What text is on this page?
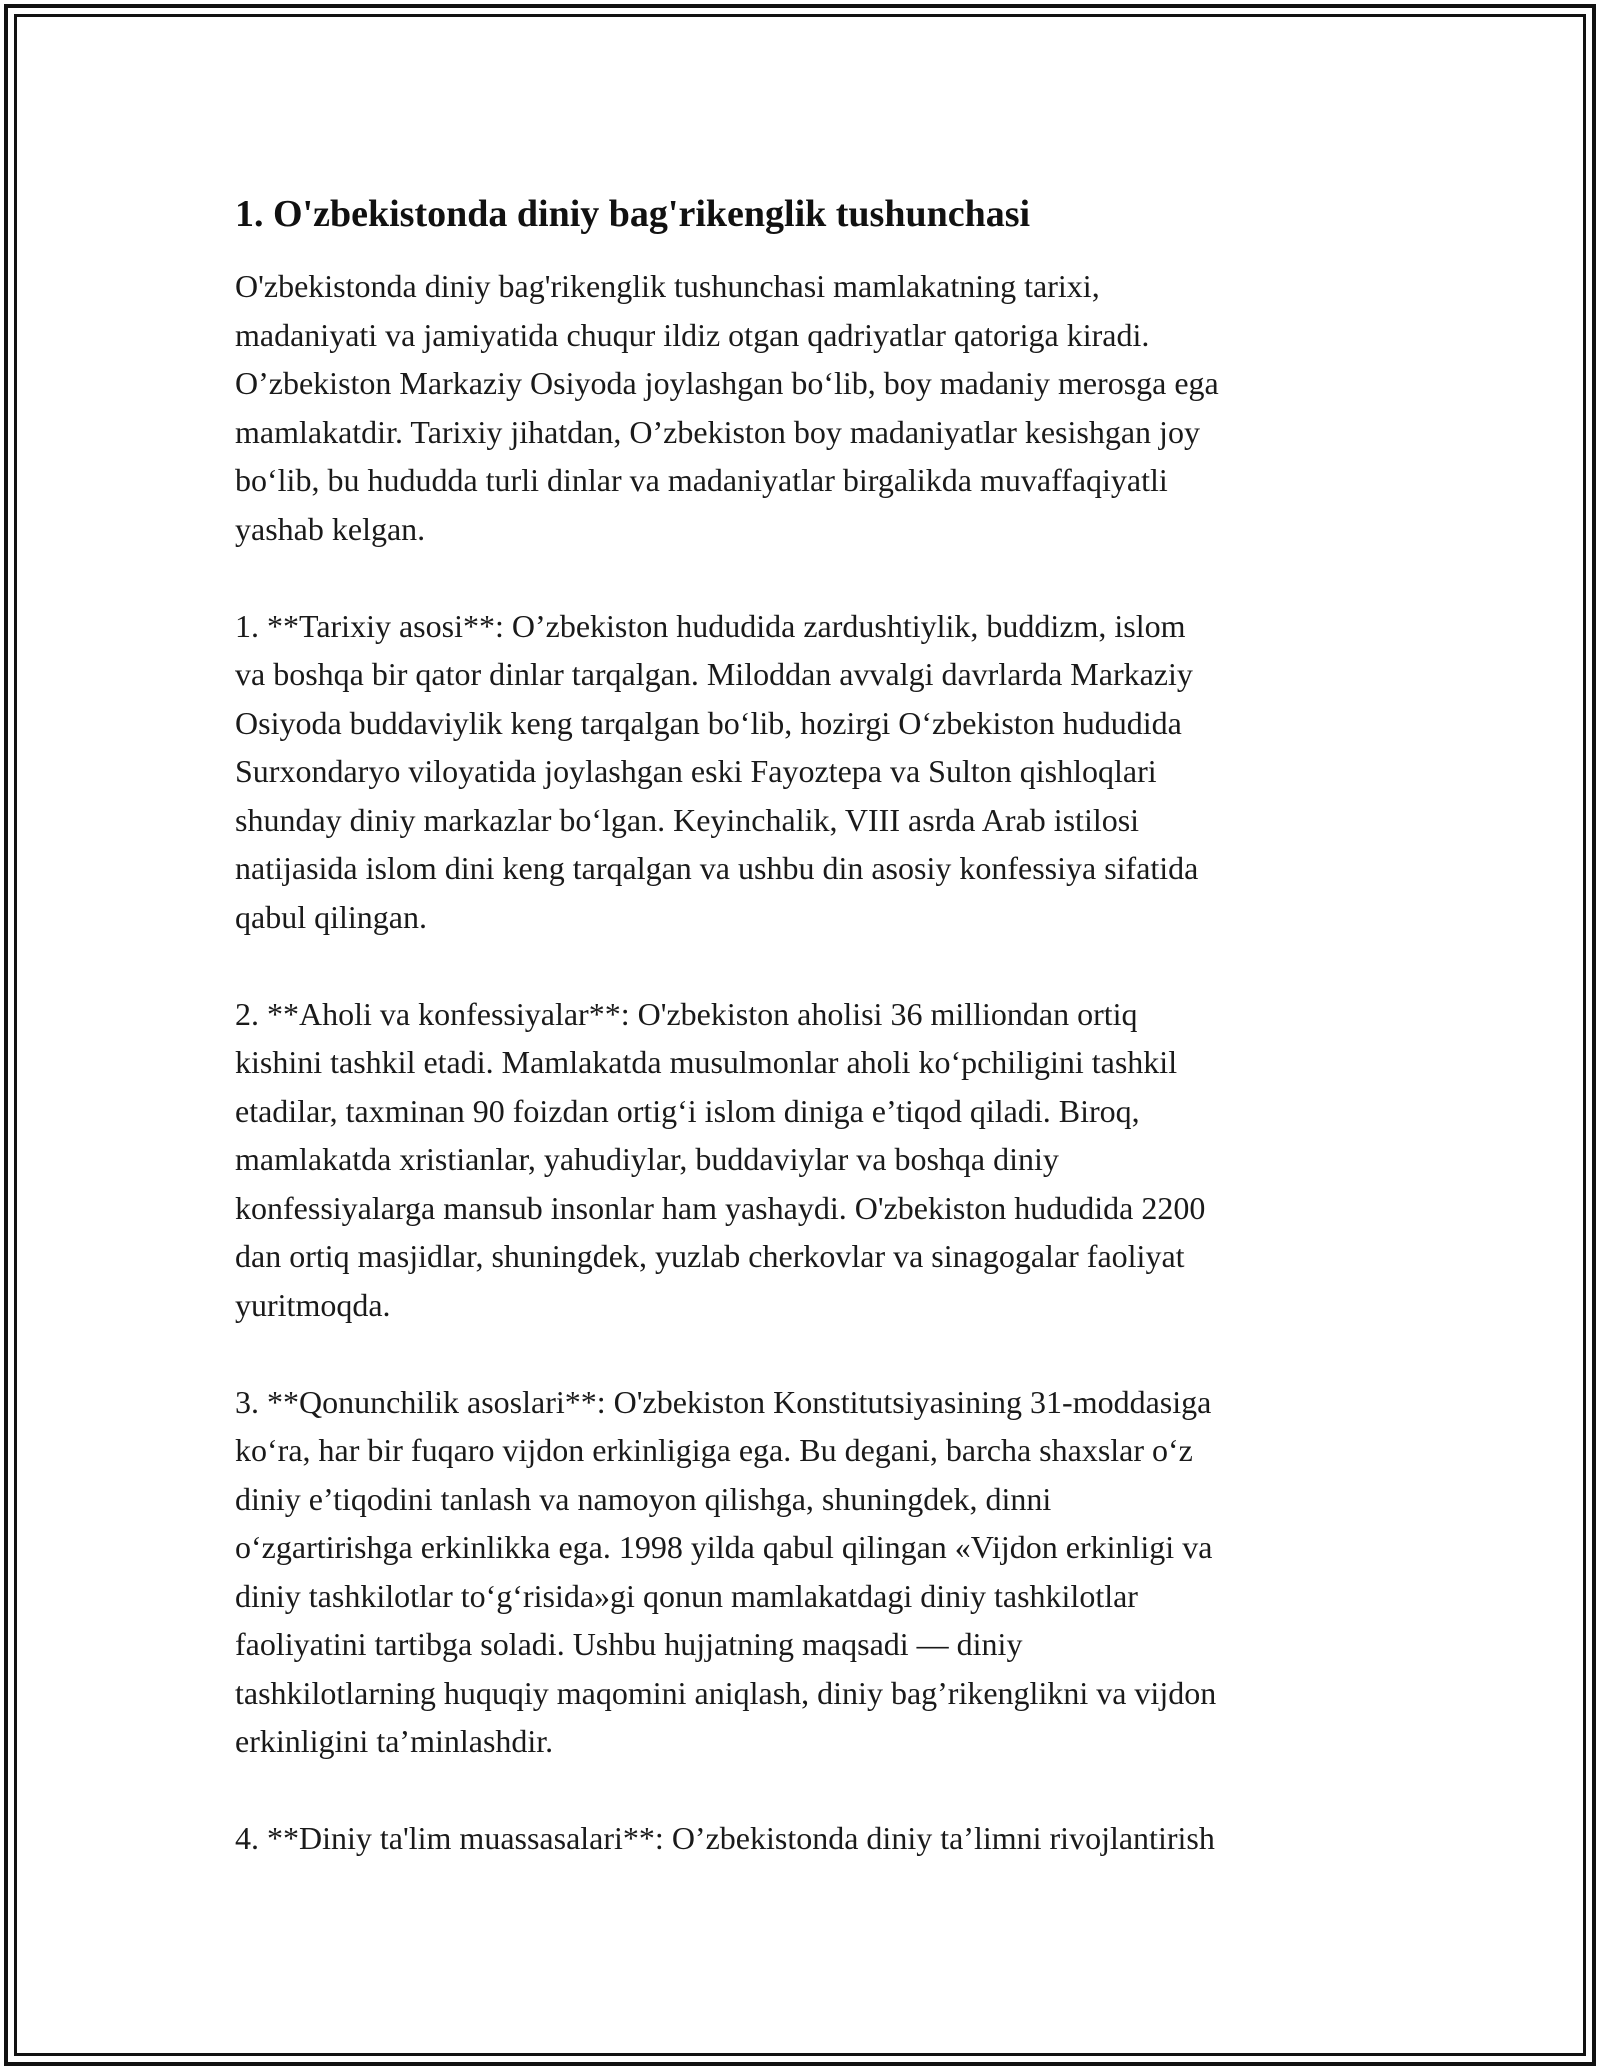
1. O'zbekistonda diniy bag'rikenglik tushunchasi

O'zbekistonda diniy bag'rikenglik tushunchasi mamlakatning tarixi,
madaniyati va jamiyatida chuqur ildiz otgan qadriyatlar qatoriga kiradi.
O’zbekiston Markaziy Osiyoda joylashgan bo‘lib, boy madaniy merosga ega
mamlakatdir. Tarixiy jihatdan, O’zbekiston boy madaniyatlar kesishgan joy
bo‘lib, bu hududda turli dinlar va madaniyatlar birgalikda muvaffaqiyatli
yashab kelgan.

1. **Tarixiy asosi**: O’zbekiston hududida zardushtiylik, buddizm, islom
va boshqa bir qator dinlar tarqalgan. Miloddan avvalgi davrlarda Markaziy
Osiyoda buddaviylik keng tarqalgan bo‘lib, hozirgi O‘zbekiston hududida
Surxondaryo viloyatida joylashgan eski Fayoztepa va Sulton qishloqlari
shunday diniy markazlar bo‘lgan. Keyinchalik, VIII asrda Arab istilosi
natijasida islom dini keng tarqalgan va ushbu din asosiy konfessiya sifatida
qabul qilingan.

2. **Aholi va konfessiyalar**: O'zbekiston aholisi 36 milliondan ortiq
kishini tashkil etadi. Mamlakatda musulmonlar aholi ko‘pchiligini tashkil
etadilar, taxminan 90 foizdan ortig‘i islom diniga e’tiqod qiladi. Biroq,
mamlakatda xristianlar, yahudiylar, buddaviylar va boshqa diniy
konfessiyalarga mansub insonlar ham yashaydi. O'zbekiston hududida 2200
dan ortiq masjidlar, shuningdek, yuzlab cherkovlar va sinagogalar faoliyat
yuritmoqda.

3. **Qonunchilik asoslari**: O'zbekiston Konstitutsiyasining 31-moddasiga
ko‘ra, har bir fuqaro vijdon erkinligiga ega. Bu degani, barcha shaxslar o‘z
diniy e’tiqodini tanlash va namoyon qilishga, shuningdek, dinni
o‘zgartirishga erkinlikka ega. 1998 yilda qabul qilingan «Vijdon erkinligi va
diniy tashkilotlar to‘g‘risida»gi qonun mamlakatdagi diniy tashkilotlar
faoliyatini tartibga soladi. Ushbu hujjatning maqsadi — diniy
tashkilotlarning huquqiy maqomini aniqlash, diniy bag’rikenglikni va vijdon
erkinligini ta’minlashdir.

4. **Diniy ta'lim muassasalari**: O’zbekistonda diniy ta’limni rivojlantirish
